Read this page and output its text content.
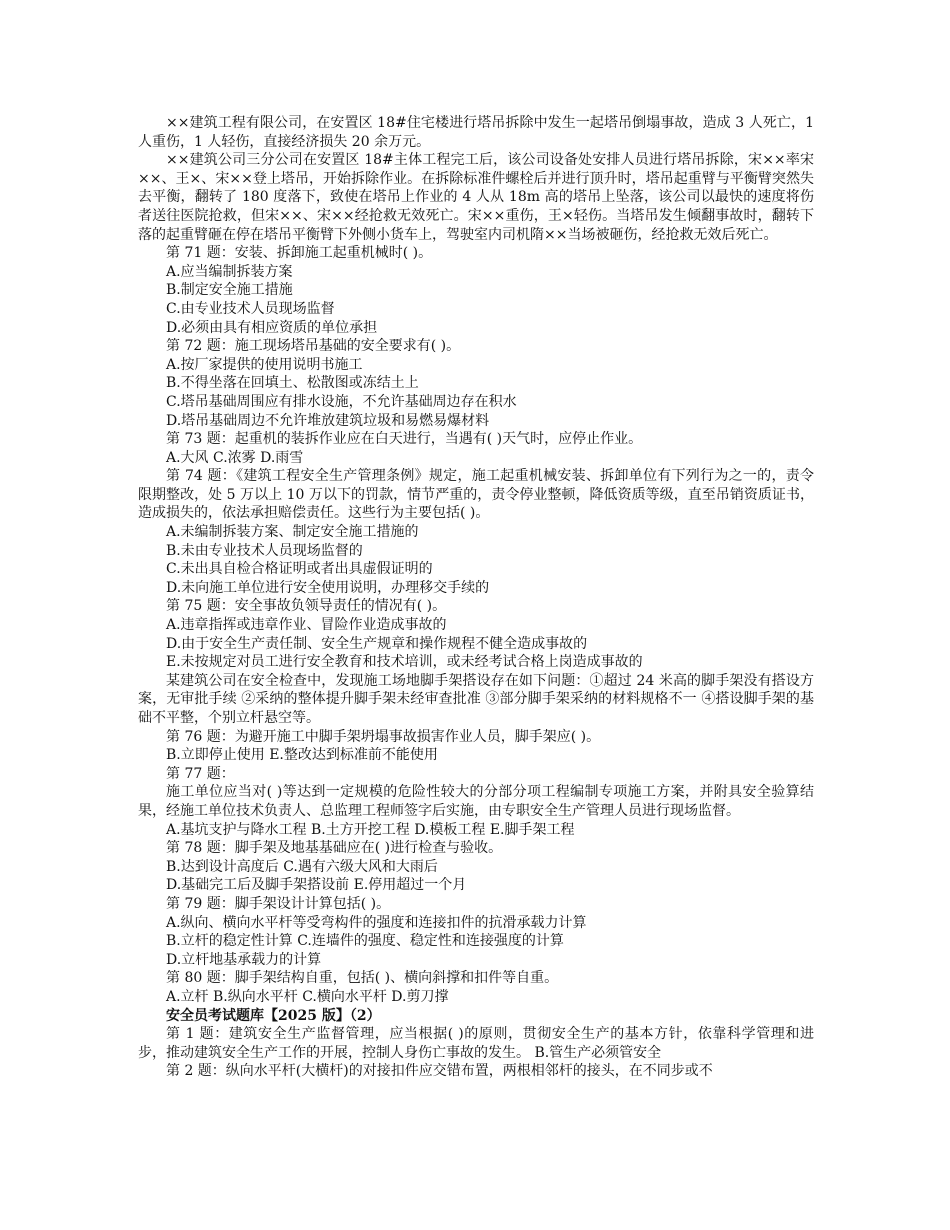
××建筑工程有限公司，在安置区 18#住宅楼进行塔吊拆除中发生一起塔吊倒塌事故，造成 3 人死亡，1 人重伤，1 人轻伤，直接经济损失 20 余万元。

××建筑公司三分公司在安置区 18#主体工程完工后，该公司设备处安排人员进行塔吊拆除，宋××率宋××、王×、宋××登上塔吊，开始拆除作业。在拆除标准件螺栓后并进行顶升时，塔吊起重臂与平衡臂突然失去平衡，翻转了 180 度落下，致使在塔吊上作业的 4 人从 18m 高的塔吊上坠落，该公司以最快的速度将伤者送往医院抢救，但宋××、宋××经抢救无效死亡。宋××重伤，王×轻伤。当塔吊发生倾翻事故时，翻转下落的起重臂砸在停在塔吊平衡臂下外侧小货车上，驾驶室内司机隋××当场被砸伤，经抢救无效后死亡。

第 71 题：安装、拆卸施工起重机械时( )。

A.应当编制拆装方案

B.制定安全施工措施

C.由专业技术人员现场监督

D.必须由具有相应资质的单位承担

第 72 题：施工现场塔吊基础的安全要求有( )。

A.按厂家提供的使用说明书施工

B.不得坐落在回填土、松散图或冻结土上

C.塔吊基础周围应有排水设施，不允许基础周边存在积水

D.塔吊基础周边不允许堆放建筑垃圾和易燃易爆材料

第 73 题：起重机的装拆作业应在白天进行，当遇有( )天气时，应停止作业。

A.大风 C.浓雾 D.雨雪

第 74 题：《建筑工程安全生产管理条例》规定，施工起重机械安装、拆卸单位有下列行为之一的，责令限期整改，处 5 万以上 10 万以下的罚款，情节严重的，责令停业整顿，降低资质等级，直至吊销资质证书，造成损失的，依法承担赔偿责任。这些行为主要包括( )。

A.未编制拆装方案、制定安全施工措施的

B.未由专业技术人员现场监督的

C.未出具自检合格证明或者出具虚假证明的

D.未向施工单位进行安全使用说明，办理移交手续的

第 75 题：安全事故负领导责任的情况有( )。

A.违章指挥或违章作业、冒险作业造成事故的

D.由于安全生产责任制、安全生产规章和操作规程不健全造成事故的

E.未按规定对员工进行安全教育和技术培训，或未经考试合格上岗造成事故的

某建筑公司在安全检查中，发现施工场地脚手架搭设存在如下问题：①超过 24 米高的脚手架没有搭设方案，无审批手续 ②采纳的整体提升脚手架未经审查批准 ③部分脚手架采纳的材料规格不一 ④搭设脚手架的基础不平整，个别立杆悬空等。

第 76 题：为避开施工中脚手架坍塌事故损害作业人员，脚手架应( )。

B.立即停止使用 E.整改达到标准前不能使用

第 77 题：

施工单位应当对( )等达到一定规模的危险性较大的分部分项工程编制专项施工方案，并附具安全验算结果，经施工单位技术负责人、总监理工程师签字后实施，由专职安全生产管理人员进行现场监督。

A.基坑支护与降水工程 B.土方开挖工程 D.模板工程 E.脚手架工程

第 78 题：脚手架及地基基础应在( )进行检查与验收。

B.达到设计高度后 C.遇有六级大风和大雨后

D.基础完工后及脚手架搭设前 E.停用超过一个月

第 79 题：脚手架设计计算包括( )。

A.纵向、横向水平杆等受弯构件的强度和连接扣件的抗滑承载力计算

B.立杆的稳定性计算 C.连墙件的强度、稳定性和连接强度的计算

D.立杆地基承载力的计算

第 80 题：脚手架结构自重，包括( )、横向斜撑和扣件等自重。

A.立杆 B.纵向水平杆 C.横向水平杆 D.剪刀撑

安全员考试题库【2025 版】（2）

第 1 题：建筑安全生产监督管理，应当根据( )的原则，贯彻安全生产的基本方针，依靠科学管理和进步，推动建筑安全生产工作的开展，控制人身伤亡事故的发生。 B.管生产必须管安全

第 2 题：纵向水平杆(大横杆)的对接扣件应交错布置，两根相邻杆的接头，在不同步或不
